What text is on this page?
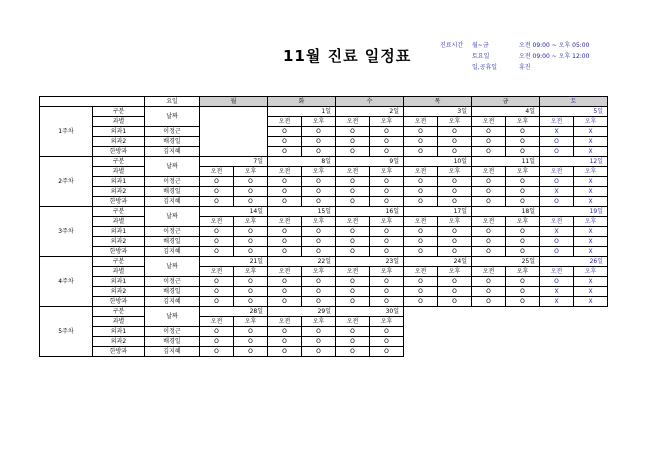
11월 진료 일정표
진료시간	월~금	오전 09:00 ~ 오후 05:00
토요일	오전 09:00 ~ 오후 12:00
일,공휴일	휴진
		요일	월		화		수		목		금		토	
1주차	구분	날짜			1일		2일		3일		4일		5일	
	과별				오전	오후	오전	오후	오전	오후	오전	오후	오전	오후
	외과1	이정근			O	O	O	O	O	O	O	O	X	X
	외과2	배경일			O	O	O	O	O	O	O	O	O	X
	한방과	김지혜			O	O	O	O	O	O	O	O	O	X
2주차	구분	날짜	7일		8일		9일		10일		11일		12일	
	과별		오전	오후	오전	오후	오전	오후	오전	오후	오전	오후	오전	오후
	외과1	이정근	O	O	O	O	O	O	O	O	O	O	O	X
	외과2	배경일	O	O	O	O	O	O	O	O	O	O	X	X
	한방과	김지혜	O	O	O	O	O	O	O	O	O	O	O	X
3주차	구분	날짜	14일		15일		16일		17일		18일		19일	
	과별		오전	오후	오전	오후	오전	오후	오전	오후	오전	오후	오전	오후
	외과1	이정근	O	O	O	O	O	O	O	O	O	O	X	X
	외과2	배경일	O	O	O	O	O	O	O	O	O	O	O	X
	한방과	김지혜	O	O	O	O	O	O	O	O	O	O	O	X
4주차	구분	날짜	21일		22일		23일		24일		25일		26일	
	과별		오전	오후	오전	오후	오전	오후	오전	오후	오전	오후	오전	오후
	외과1	이정근	O	O	O	O	O	O	O	O	O	O	O	X
	외과2	배경일	O	O	O	O	O	O	O	O	O	O	X	X
	한방과	김지혜	O	O	O	O	O	O	O	O	O	O	X	X
5주차	구분	날짜	28일		29일		30일							
	과별		오전	오후	오전	오후	오전	오후						
	외과1	이정근	O	O	O	O	O	O						
	외과2	배경일	O	O	O	O	O	O						
	한방과	김지혜	O	O	O	O	O	O						
